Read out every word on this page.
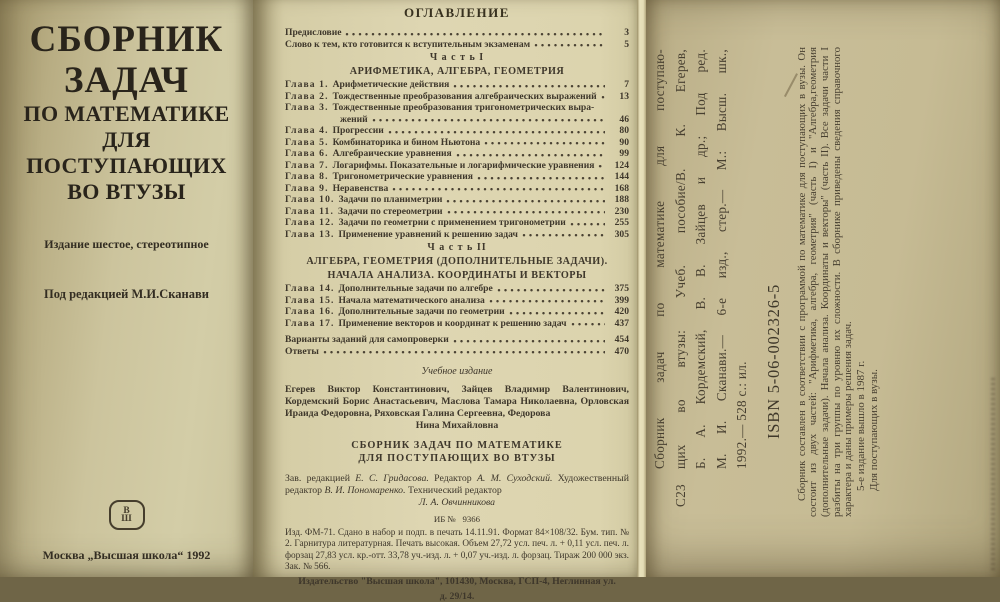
СБОРНИК
ЗАДАЧ
ПО МАТЕМАТИКЕ
ДЛЯ
ПОСТУПАЮЩИХ
ВО ВТУЗЫ
Издание шестое, стереотипное
Под редакцией М.И.Сканави
В
Ш
Москва „Высшая школа“ 1992
ОГЛАВЛЕНИЕ
Предисловие	3
Слово к тем, кто готовится к вступительным экзаменам	5
Ч а с т ь I
АРИФМЕТИКА, АЛГЕБРА, ГЕОМЕТРИЯ
Глава 1. Арифметические действия	7
Глава 2. Тождественные преобразования алгебраических выражений	13
Глава 3. Тождественные преобразования тригонометрических выра-
жений	46
Глава 4. Прогрессии	80
Глава 5. Комбинаторика и бином Ньютона	90
Глава 6. Алгебраические уравнения	99
Глава 7. Логарифмы. Показательные и логарифмические уравнения	124
Глава 8. Тригонометрические уравнения	144
Глава 9. Неравенства	168
Глава 10. Задачи по планиметрии	188
Глава 11. Задачи по стереометрии	230
Глава 12. Задачи по геометрии с применением тригонометрии	255
Глава 13. Применение уравнений к решению задач	305
Ч а с т ь II
АЛГЕБРА, ГЕОМЕТРИЯ (ДОПОЛНИТЕЛЬНЫЕ ЗАДАЧИ).
НАЧАЛА АНАЛИЗА. КООРДИНАТЫ И ВЕКТОРЫ
Глава 14. Дополнительные задачи по алгебре	375
Глава 15. Начала математического анализа	399
Глава 16. Дополнительные задачи по геометрии	420
Глава 17. Применение векторов и координат к решению задач	437
Варианты заданий для самопроверки	454
Ответы	470
Учебное издание
Егерев Виктор Константинович, Зайцев Владимир Валентинович, Кордемский Борис Анастасьевич, Маслова Тамара Николаевна, Орловская Ираида Федоровна, Ряховская Галина Сергеевна, Федорова
Нина Михайловна
СБОРНИК ЗАДАЧ ПО МАТЕМАТИКЕ
ДЛЯ ПОСТУПАЮЩИХ ВО ВТУЗЫ
Зав. редакцией Е. С. Гридасова. Редактор А. М. Суходский. Художественный редактор В. И. Пономаренко. Технический редактор
Л. А. Овчинникова
ИБ №   9366
Изд. ФМ-71. Сдано в набор и подп. в печать 14.11.91. Формат 84×108/32. Бум. тип. № 2. Гарнитура литературная. Печать высокая. Объем 27,72 усл. печ. л. + 0,11 усл. печ. л. форзац 27,83 усл. кр.-отт. 33,78 уч.-изд. л. + 0,07 уч.-изд. л. форзац. Тираж 200 000 экз. Зак. № 566.
Издательство "Высшая школа", 101430, Москва, ГСП-4, Неглинная ул.
д. 29/14.
С23
Сборник задач по математике для поступаю- щих во втузы: Учеб. пособие/В. К. Егерев, Б. А. Кордемский, В. В. Зайцев и др.; Под ред. М. И. Сканави.— 6-е изд., стер.— М.: Высш. шк., 1992.— 528 с.: ил. ISBN 5-06-002326-5 Сборник составлен в соответствии с программой по математике для поступающих в вузы. Он состоит из двух частей: "Арифметика, алгебра, геометрия" (часть I) и "Алгебра,геометрия (дополнительные задачи). Начала анализа. Координаты и векторы" (часть II). Все задачи части I разбиты на три группы по уровню их сложности. В сборнике приведены сведения справочного характера и даны примеры решения задач. 5-е издание вышло в 1987 г. Для поступающих в вузы.
